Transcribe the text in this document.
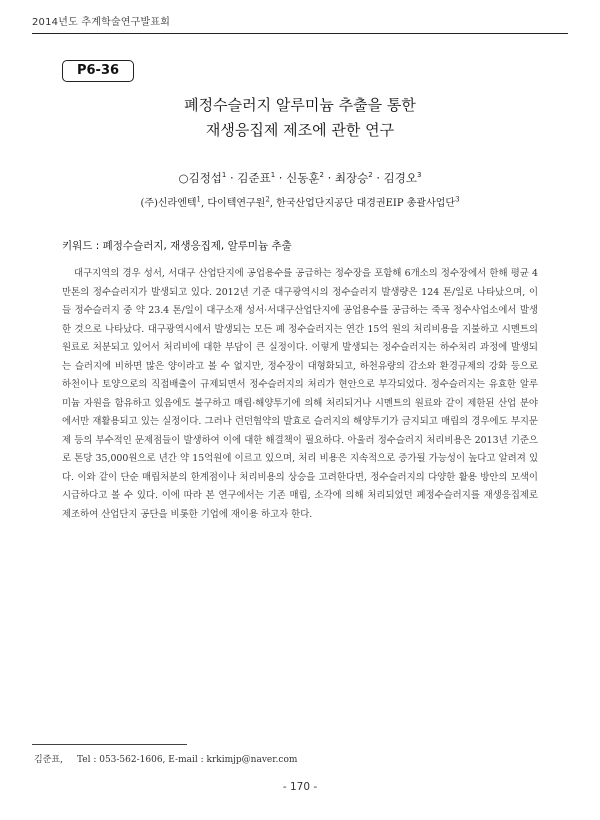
2014년도 추계학술연구발표회
P6-36
폐정수슬러지 알루미늄 추출을 통한
재생응집제 제조에 관한 연구
○김정섭$^1$ · 김준표$^1$ · 신동훈$^2$ · 최장승$^2$ · 김경오$^3$
(주)신라엔텍$^1$, 다이텍연구원$^2$, 한국산업단지공단 대경권EIP 총괄사업단$^3$
키워드 : 폐정수슬러지, 재생응집제, 알루미늄 추출

대구지역의 경우 성서, 서대구 산업단지에 공업용수를 공급하는 정수장을 포함해 6개소의 정수장에서 한해 평균 4만톤의 정수슬러지가 발생되고 있다. 2012년 기준 대구광역시의 정수슬러지 발생량은 124 톤/일로 나타났으며, 이들 정수슬러지 중 약 23.4 톤/일이 대구소재 성서·서대구산업단지에 공업용수를 공급하는 죽곡 정수사업소에서 발생한 것으로 나타났다. 대구광역시에서 발생되는 모든 폐 정수슬러지는 연간 15억 원의 처리비용을 지불하고 시멘트의 원료로 처분되고 있어서 처리비에 대한 부담이 큰 실정이다. 이렇게 발생되는 정수슬러지는 하수처리 과정에 발생되는 슬러지에 비하면 많은 양이라고 볼 수 없지만, 정수장이 대형화되고, 하천유량의 감소와 환경규제의 강화 등으로 하천이나 토양으로의 직접배출이 규제되면서 정수슬러지의 처리가 현안으로 부각되었다. 정수슬러지는 유효한 알루미늄 자원을 함유하고 있음에도 불구하고 매립·해양투기에 의해 처리되거나 시멘트의 원료와 같이 제한된 산업 분야에서만 재활용되고 있는 실정이다. 그러나 런던협약의 발효로 슬러지의 해양투기가 금지되고 매립의 경우에도 부지문제 등의 부수적인 문제점들이 발생하여 이에 대한 해결책이 필요하다. 아울러 정수슬러지 처리비용은 2013년 기준으로 톤당 35,000원으로 년간 약 15억원에 이르고 있으며, 처리 비용은 지속적으로 증가될 가능성이 높다고 알려져 있다. 이와 같이 단순 매립처분의 한계점이나 처리비용의 상승을 고려한다면, 정수슬러지의 다양한 활용 방안의 모색이 시급하다고 볼 수 있다. 이에 따라 본 연구에서는 기존 매립, 소각에 의해 처리되었던 폐정수슬러지를 재생응집제로 제조하여 산업단지 공단을 비롯한 기업에 재이용 하고자 한다.

김준표, Tel : 053-562-1606, E-mail : krkimjp@naver.com
- 170 -
